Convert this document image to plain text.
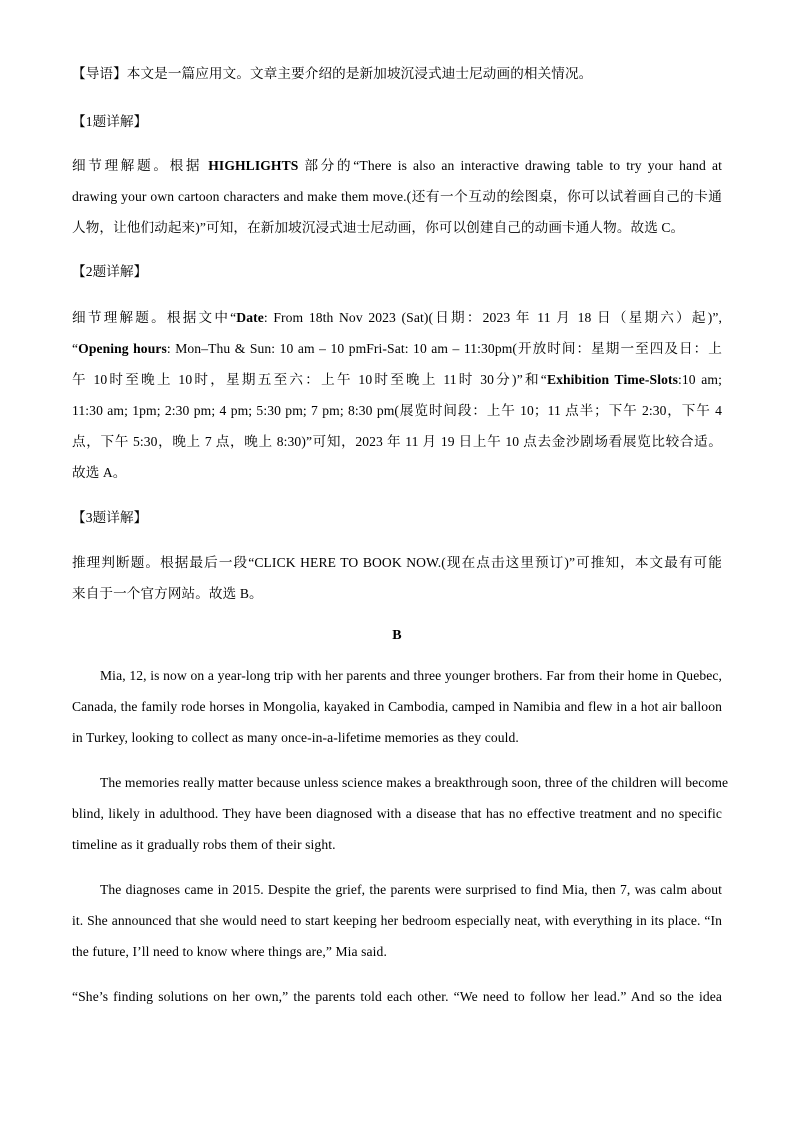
【导语】本文是一篇应用文。文章主要介绍的是新加坡沉浸式迪士尼动画的相关情况。
【1题详解】
细节理解题。根据 HIGHLIGHTS 部分的“There is also an interactive drawing table to try your hand at
drawing your own cartoon characters and make them move.(还有一个互动的绘图桌，你可以试着画自己的卡通
人物，让他们动起来)”可知，在新加坡沉浸式迪士尼动画，你可以创建自己的动画卡通人物。故选 C。
【2题详解】
细节理解题。根据文中“Date: From 18th Nov 2023 (Sat)(日期：2023 年 11 月 18 日（星期六）起)”,
“Opening hours: Mon–Thu & Sun: 10 am – 10 pmFri-Sat: 10 am – 11:30pm(开放时间：星期一至四及日：上
午 10时至晚上 10时，星期五至六：上午 10时至晚上 11时 30分)”和“Exhibition Time-Slots:10 am;
11:30 am; 1pm; 2:30 pm; 4 pm; 5:30 pm; 7 pm; 8:30 pm(展览时间段：上午 10；11 点半；下午 2:30，下午 4
点，下午 5:30，晚上 7 点，晚上 8:30)”可知，2023 年 11 月 19 日上午 10 点去金沙剧场看展览比较合适。
故选 A。
【3题详解】
推理判断题。根据最后一段“CLICK HERE TO BOOK NOW.(现在点击这里预订)”可推知，本文最有可能
来自于一个官方网站。故选 B。
B
Mia, 12, is now on a year-long trip with her parents and three younger brothers. Far from their home in Quebec,
Canada, the family rode horses in Mongolia, kayaked in Cambodia, camped in Namibia and flew in a hot air balloon
in Turkey, looking to collect as many once-in-a-lifetime memories as they could.
The memories really matter because unless science makes a breakthrough soon, three of the children will become
blind, likely in adulthood. They have been diagnosed with a disease that has no effective treatment and no specific
timeline as it gradually robs them of their sight.
The diagnoses came in 2015. Despite the grief, the parents were surprised to find Mia, then 7, was calm about
it. She announced that she would need to start keeping her bedroom especially neat, with everything in its place. “In
the future, I’ll need to know where things are,” Mia said.
“She’s finding solutions on her own,” the parents told each other. “We need to follow her lead.” And so the idea
